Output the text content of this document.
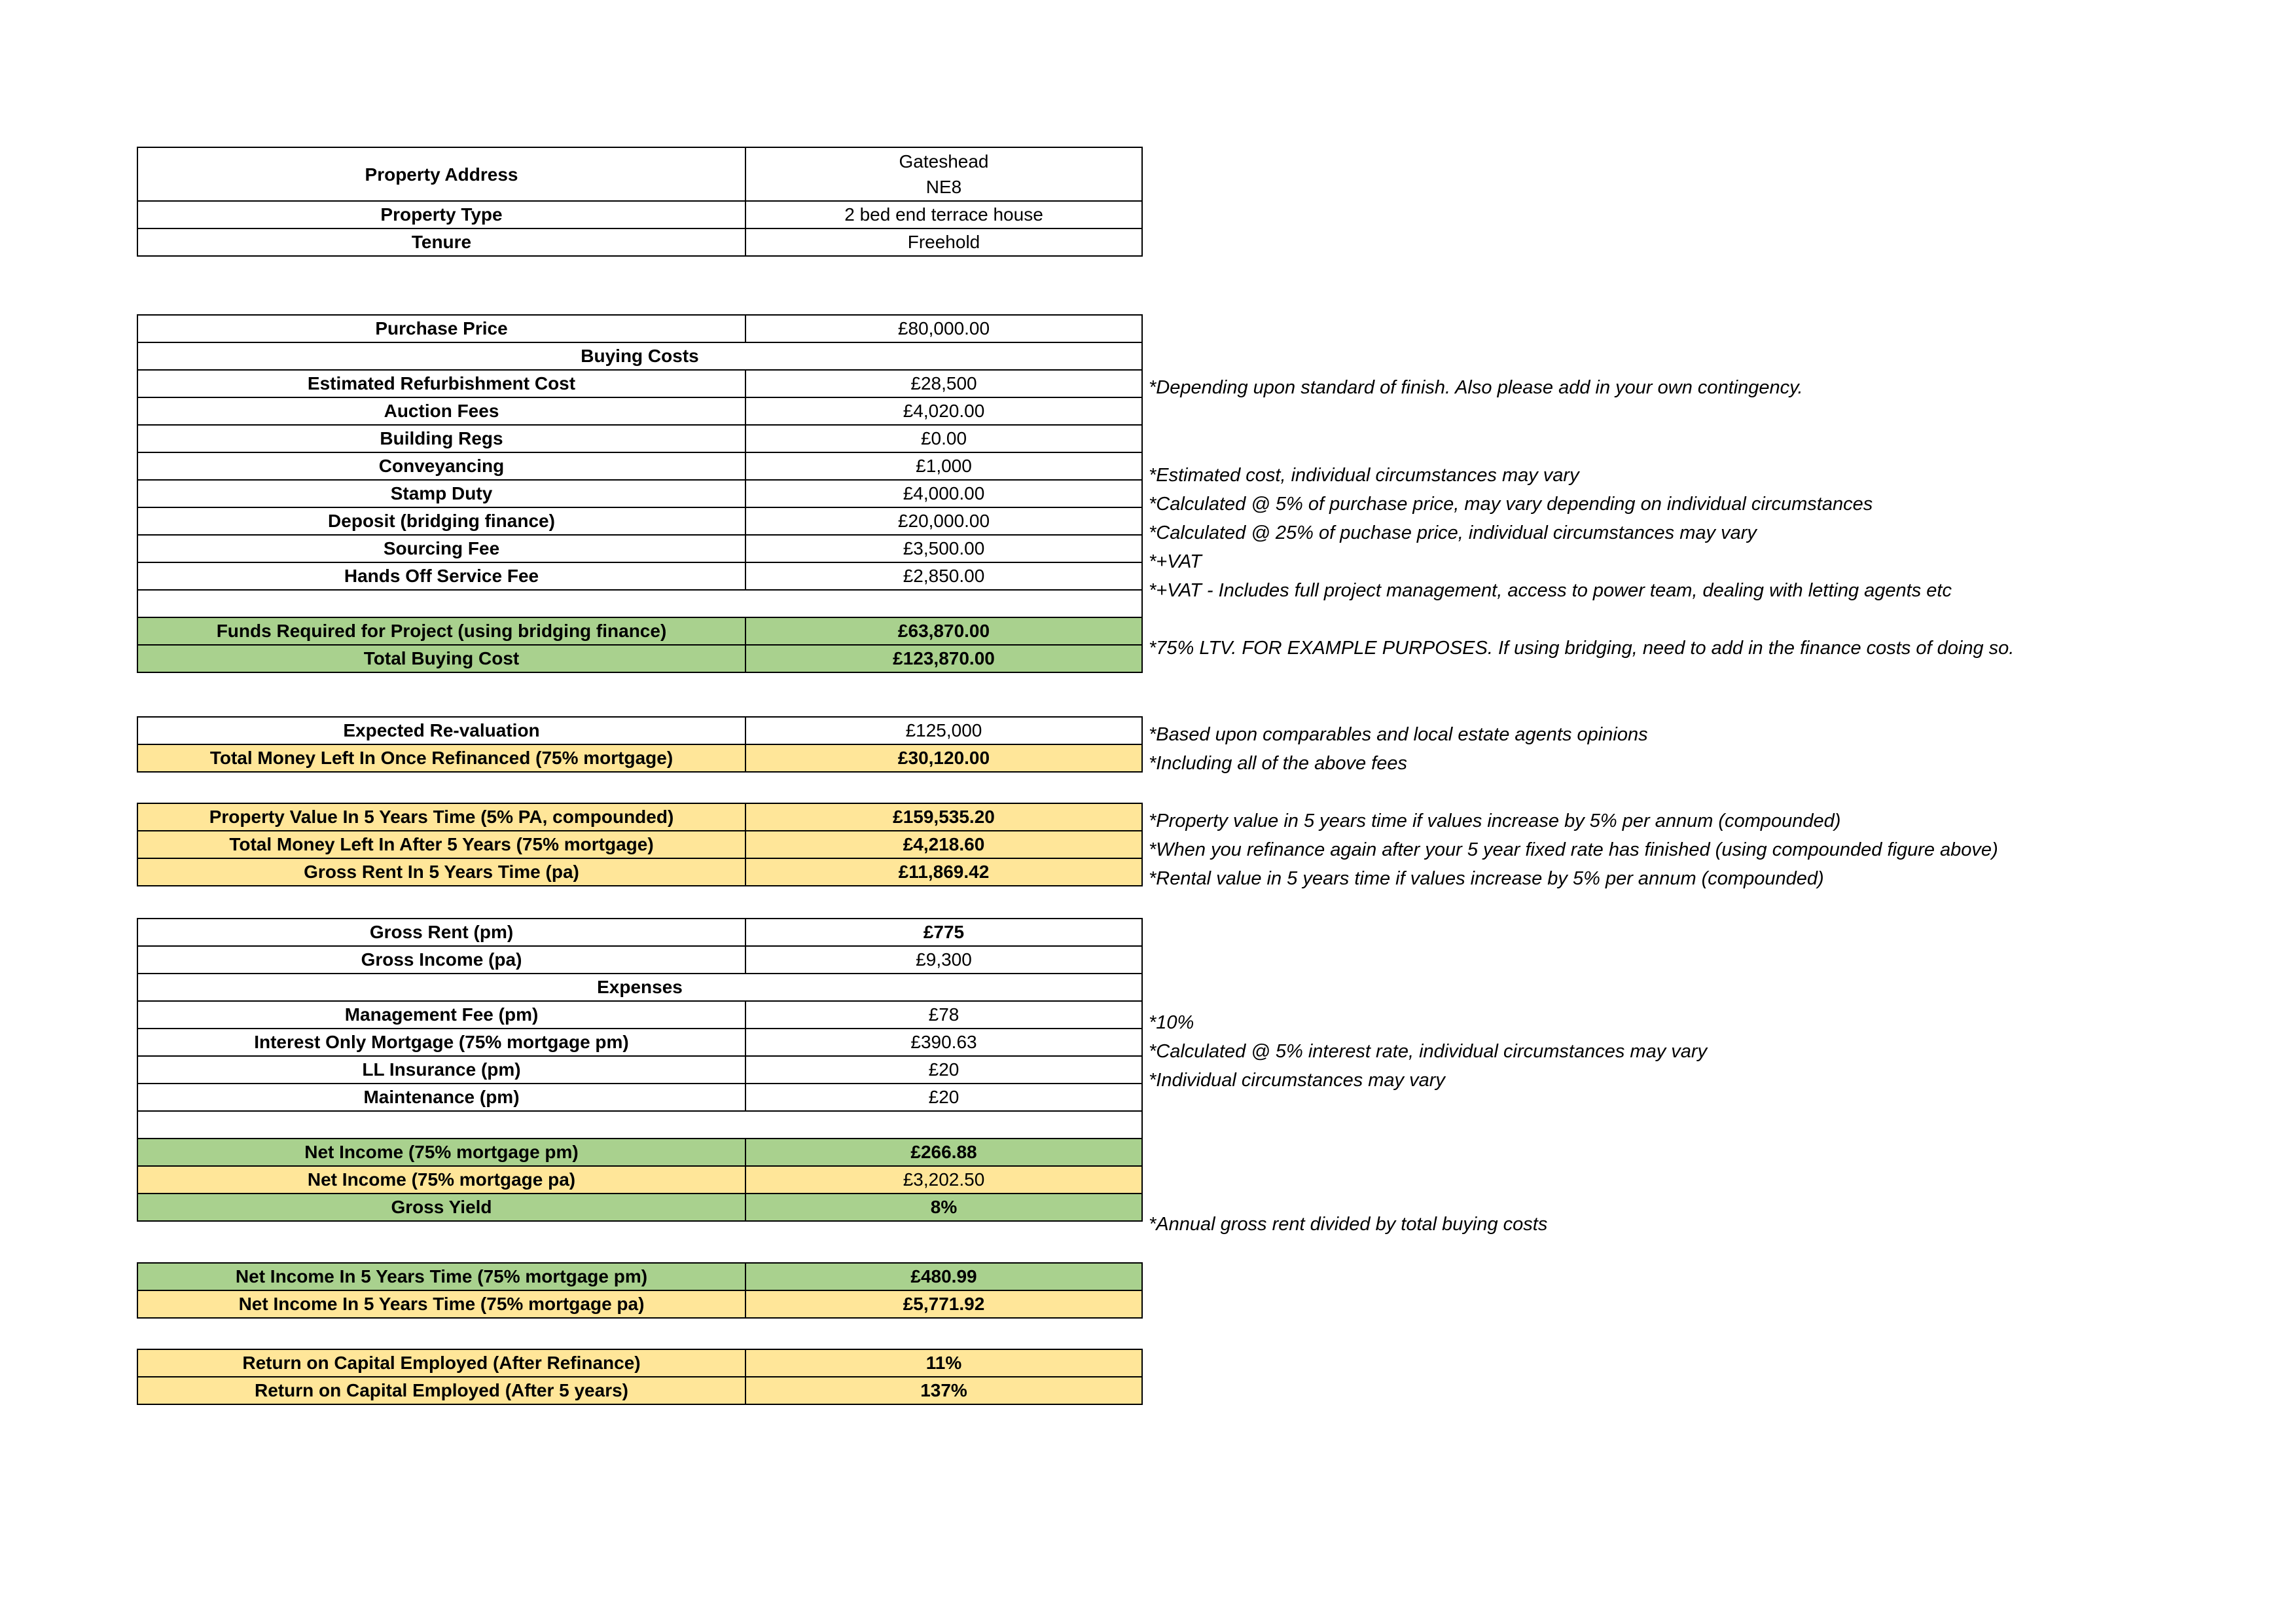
Property Address	Gateshead
NE8
Property Type	2 bed end terrace house
Tenure	Freehold
Purchase Price	£80,000.00
Buying Costs	
Estimated Refurbishment Cost	£28,500
Auction Fees	£4,020.00
Building Regs	£0.00
Conveyancing	£1,000
Stamp Duty	£4,000.00
Deposit (bridging finance)	£20,000.00
Sourcing Fee	£3,500.00
Hands Off Service Fee	£2,850.00

Funds Required for Project (using bridging finance)	£63,870.00
Total Buying Cost	£123,870.00
Expected Re-valuation	£125,000
Total Money Left In Once Refinanced (75% mortgage)	£30,120.00
Property Value In 5 Years Time (5% PA, compounded)	£159,535.20
Total Money Left In After 5 Years (75% mortgage)	£4,218.60
Gross Rent In 5 Years Time (pa)	£11,869.42
Gross Rent (pm)	£775
Gross Income (pa)	£9,300
Expenses	
Management Fee (pm)	£78
Interest Only Mortgage (75% mortgage pm)	£390.63
LL Insurance (pm)	£20
Maintenance (pm)	£20

Net Income (75% mortgage pm)	£266.88
Net Income (75% mortgage pa)	£3,202.50
Gross Yield	8%
Net Income In 5 Years Time (75% mortgage pm)	£480.99
Net Income In 5 Years Time (75% mortgage pa)	£5,771.92
Return on Capital Employed (After Refinance)	11%
Return on Capital Employed (After 5 years)	137%
*Depending upon standard of finish. Also please add in your own contingency.
*Estimated cost, individual circumstances may vary
*Calculated @ 5% of purchase price, may vary depending on individual circumstances
*Calculated @ 25% of puchase price, individual circumstances may vary
*+VAT
*+VAT - Includes full project management, access to power team, dealing with letting agents etc
*75% LTV. FOR EXAMPLE PURPOSES. If using bridging, need to add in the finance costs of doing so.
*Based upon comparables and local estate agents opinions
*Including all of the above fees
*Property value in 5 years time if values increase by 5% per annum (compounded)
*When you refinance again after your 5 year fixed rate has finished (using compounded figure above)
*Rental value in 5 years time if values increase by 5% per annum (compounded)
*10%
*Calculated @ 5% interest rate, individual circumstances may vary
*Individual circumstances may vary
*Annual gross rent divided by total buying costs
